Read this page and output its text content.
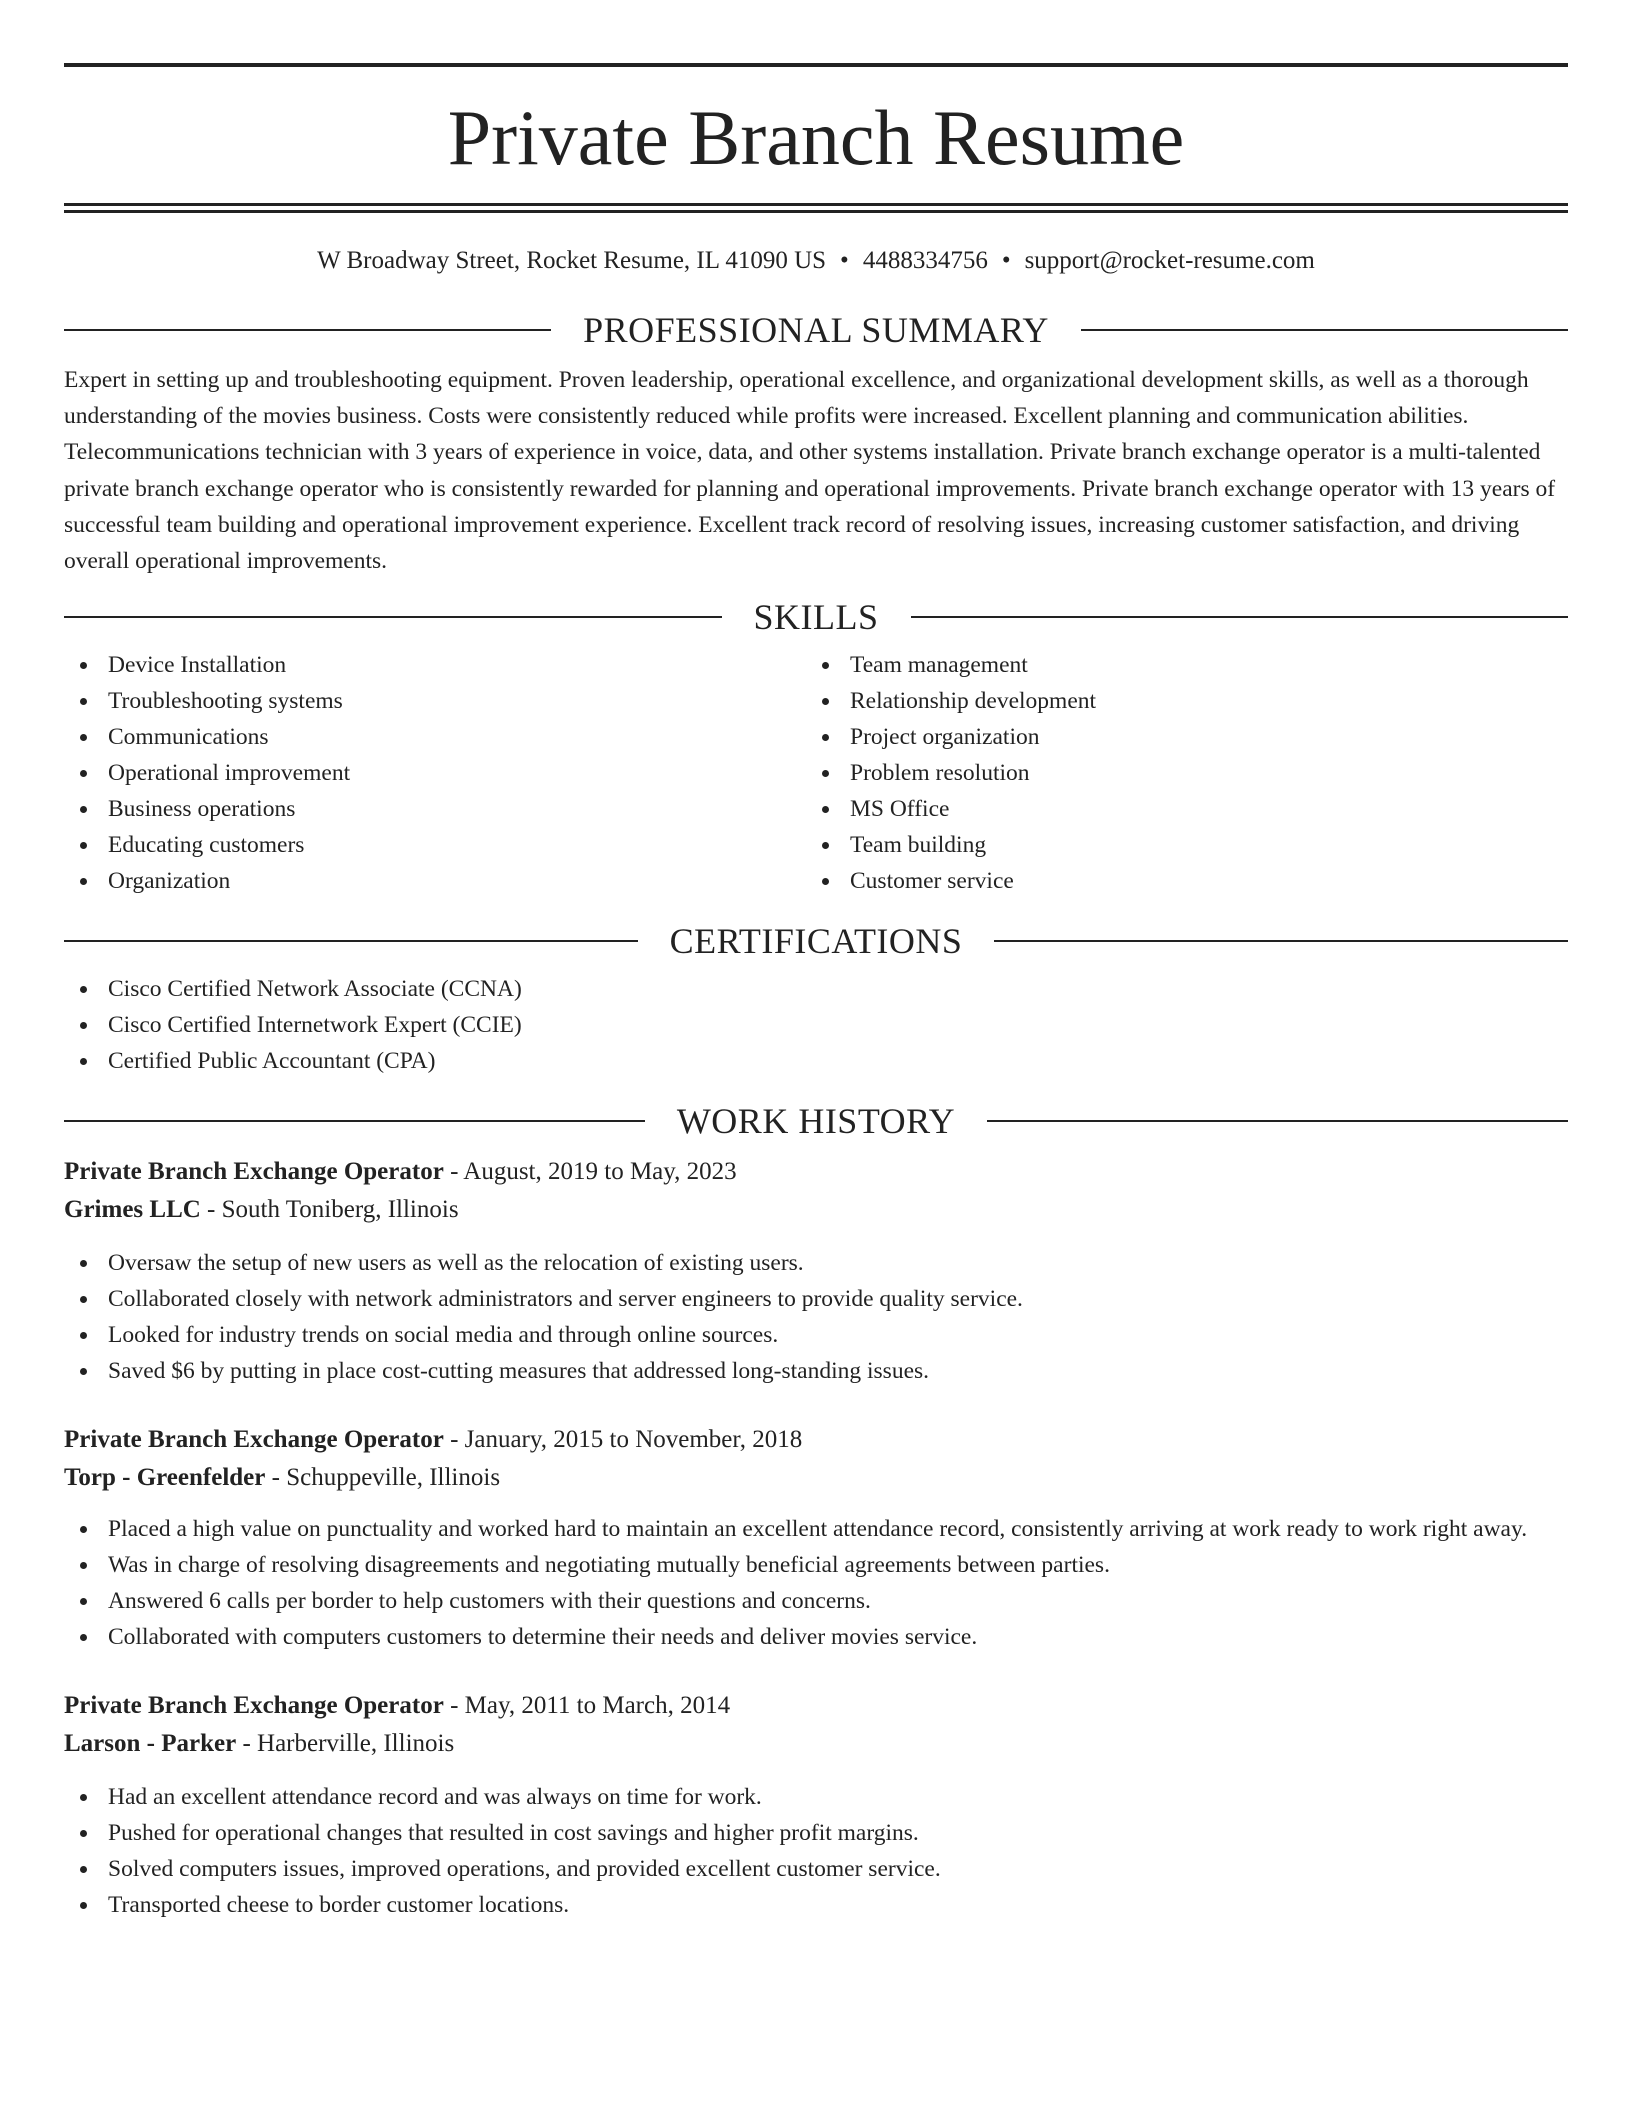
Private Branch Resume
W Broadway Street, Rocket Resume, IL 41090 US • 4488334756 • support@rocket-resume.com
PROFESSIONAL SUMMARY

Expert in setting up and troubleshooting equipment. Proven leadership, operational excellence, and organizational development skills, as well as a thorough understanding of the movies business. Costs were consistently reduced while profits were increased. Excellent planning and communication abilities. Telecommunications technician with 3 years of experience in voice, data, and other systems installation. Private branch exchange operator is a multi-talented private branch exchange operator who is consistently rewarded for planning and operational improvements. Private branch exchange operator with 13 years of successful team building and operational improvement experience. Excellent track record of resolving issues, increasing customer satisfaction, and driving overall operational improvements.

SKILLS
Device Installation
Troubleshooting systems
Communications
Operational improvement
Business operations
Educating customers
Organization
Team management
Relationship development
Project organization
Problem resolution
MS Office
Team building
Customer service
CERTIFICATIONS
Cisco Certified Network Associate (CCNA)
Cisco Certified Internetwork Expert (CCIE)
Certified Public Accountant (CPA)
WORK HISTORY
Private Branch Exchange Operator - August, 2019 to May, 2023
Grimes LLC - South Toniberg, Illinois
Oversaw the setup of new users as well as the relocation of existing users.
Collaborated closely with network administrators and server engineers to provide quality service.
Looked for industry trends on social media and through online sources.
Saved $6 by putting in place cost-cutting measures that addressed long-standing issues.
Private Branch Exchange Operator - January, 2015 to November, 2018
Torp - Greenfelder - Schuppeville, Illinois
Placed a high value on punctuality and worked hard to maintain an excellent attendance record, consistently arriving at work ready to work right away.
Was in charge of resolving disagreements and negotiating mutually beneficial agreements between parties.
Answered 6 calls per border to help customers with their questions and concerns.
Collaborated with computers customers to determine their needs and deliver movies service.
Private Branch Exchange Operator - May, 2011 to March, 2014
Larson - Parker - Harberville, Illinois
Had an excellent attendance record and was always on time for work.
Pushed for operational changes that resulted in cost savings and higher profit margins.
Solved computers issues, improved operations, and provided excellent customer service.
Transported cheese to border customer locations.
